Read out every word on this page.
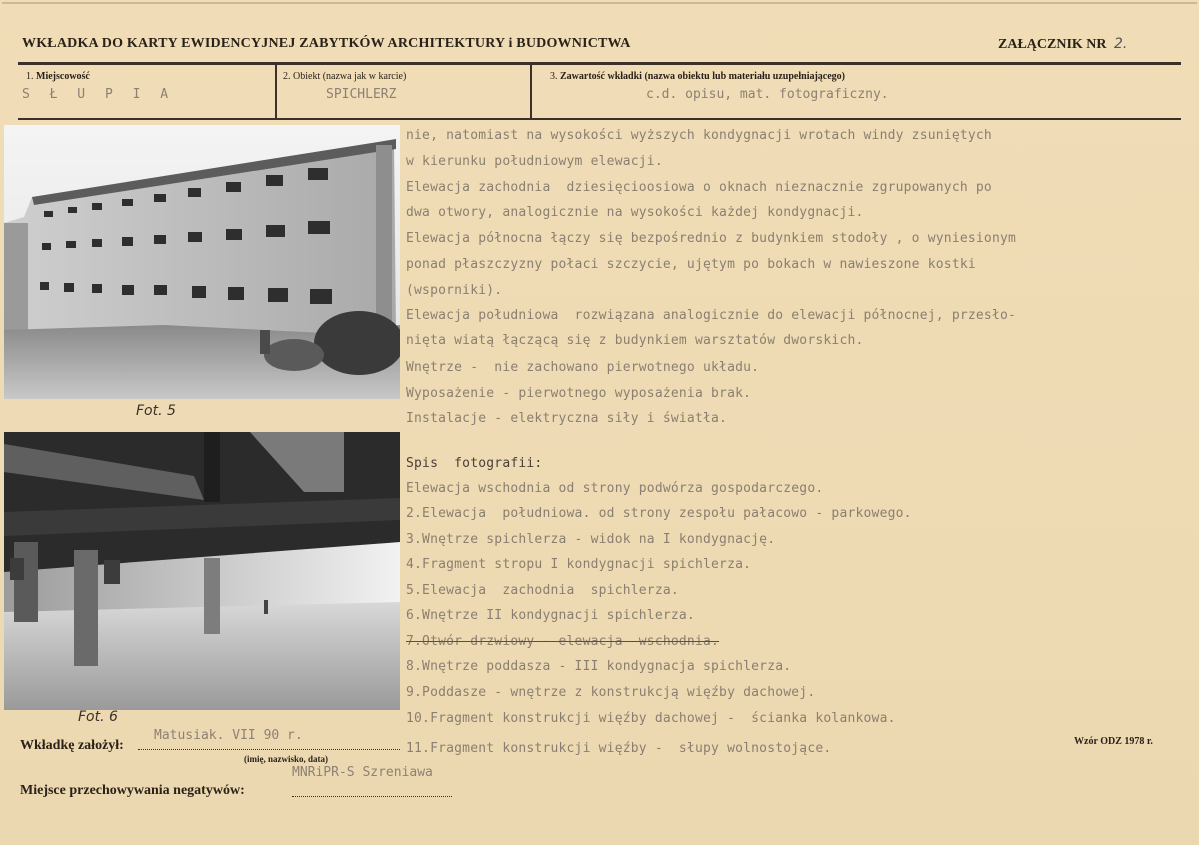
WKŁADKA DO KARTY EWIDENCYJNEJ ZABYTKÓW ARCHITEKTURY i BUDOWNICTWA	ZAŁĄCZNIK NR 2.
1. Miejscowość
S Ł U P I A
2. Obiekt (nazwa jak w karcie)
SPICHLERZ
3. Zawartość wkładki (nazwa obiektu lub materiału uzupełniającego)
c.d. opisu, mat. fotograficzny.
Fot. 5
Fot. 6
nie, natomiast na wysokości wyższych kondygnacji wrotach windy zsuniętych
w kierunku południowym elewacji.
Elewacja zachodnia  dziesięcioosiowa o oknach nieznacznie zgrupowanych po
dwa otwory, analogicznie na wysokości każdej kondygnacji.
Elewacja północna łączy się bezpośrednio z budynkiem stodoły , o wyniesionym
ponad płaszczyzny połaci szczycie, ujętym po bokach w nawieszone kostki
(wsporniki).
Elewacja południowa  rozwiązana analogicznie do elewacji północnej, przesło-
nięta wiatą łączącą się z budynkiem warsztatów dworskich.
Wnętrze -  nie zachowano pierwotnego układu.
Wyposażenie - pierwotnego wyposażenia brak.
Instalacje - elektryczna siły i światła.
Spis  fotografii:
Elewacja wschodnia od strony podwórza gospodarczego.
2.Elewacja  południowa. od strony zespołu pałacowo - parkowego.
3.Wnętrze spichlerza - widok na I kondygnację.
4.Fragment stropu I kondygnacji spichlerza.
5.Elewacja  zachodnia  spichlerza.
6.Wnętrze II kondygnacji spichlerza.
7.Otwór drzwiowy - elewacja  wschodnia.
8.Wnętrze poddasza - III kondygnacja spichlerza.
9.Poddasze - wnętrze z konstrukcją więźby dachowej.
10.Fragment konstrukcji więźby dachowej -  ścianka kolankowa.
11.Fragment konstrukcji więźby -  słupy wolnostojące.
Wkładkę założył:
Matusiak. VII 90 r.
(imię, nazwisko, data)
MNRiPR-S Szreniawa
Miejsce przechowywania negatywów:
Wzór ODZ 1978 r.
